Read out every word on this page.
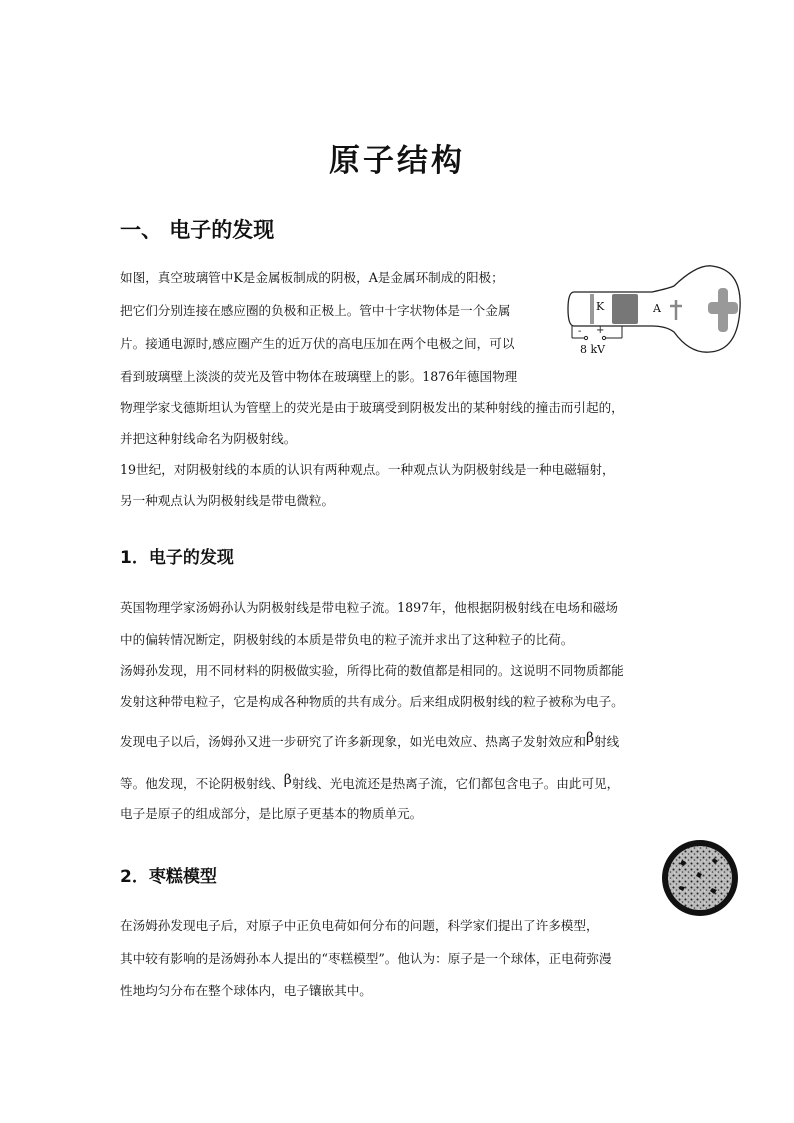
原子结构
一、 电子的发现
如图，真空玻璃管中K是金属板制成的阴极，A是金属环制成的阳极；
把它们分别连接在感应圈的负极和正极上。管中十字状物体是一个金属
片。接通电源时,感应圈产生的近万伏的高电压加在两个电极之间，可以
看到玻璃壁上淡淡的荧光及管中物体在玻璃壁上的影。1876年德国物理
物理学家戈德斯坦认为管壁上的荧光是由于玻璃受到阴极发出的某种射线的撞击而引起的，
并把这种射线命名为阴极射线。
19世纪，对阴极射线的本质的认识有两种观点。一种观点认为阴极射线是一种电磁辐射，
另一种观点认为阴极射线是带电微粒。
K	A
- +
8 kV
1．电子的发现
英国物理学家汤姆孙认为阴极射线是带电粒子流。1897年，他根据阴极射线在电场和磁场
中的偏转情况断定，阴极射线的本质是带负电的粒子流并求出了这种粒子的比荷。
汤姆孙发现，用不同材料的阴极做实验，所得比荷的数值都是相同的。这说明不同物质都能
发射这种带电粒子，它是构成各种物质的共有成分。后来组成阴极射线的粒子被称为电子。
发现电子以后，汤姆孙又进一步研究了许多新现象，如光电效应、热离子发射效应和β射线
等。他发现，不论阴极射线、β射线、光电流还是热离子流，它们都包含电子。由此可见，
电子是原子的组成部分，是比原子更基本的物质单元。
2．枣糕模型
在汤姆孙发现电子后，对原子中正负电荷如何分布的问题，科学家们提出了许多模型，
其中较有影响的是汤姆孙本人提出的“枣糕模型”。他认为：原子是一个球体，正电荷弥漫
性地均匀分布在整个球体内，电子镶嵌其中。
